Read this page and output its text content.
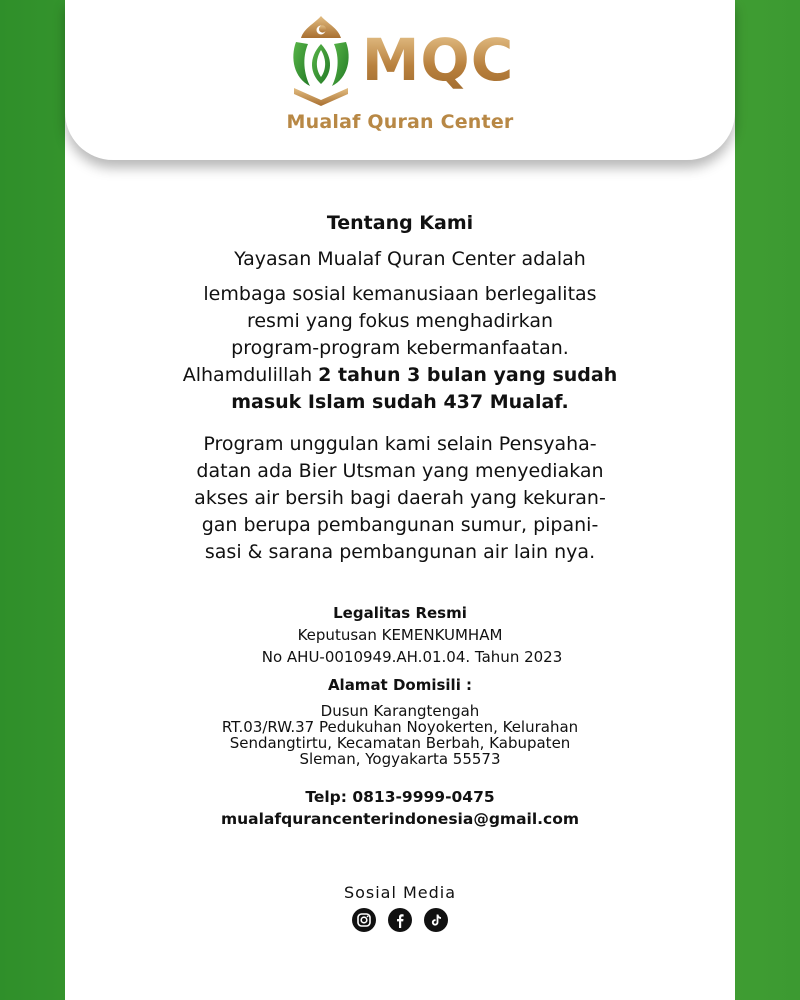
MQC
Mualaf Quran Center
Tentang Kami

Yayasan Mualaf Quran Center adalah

lembaga sosial kemanusiaan berlegalitas

resmi yang fokus menghadirkan

program-program kebermanfaatan.

Alhamdulillah 2 tahun 3 bulan yang sudah

masuk Islam sudah 437 Mualaf.

Program unggulan kami selain Pensyaha-

datan ada Bier Utsman yang menyediakan

akses air bersih bagi daerah yang kekuran-

gan berupa pembangunan sumur, pipani-

sasi & sarana pembangunan air lain nya.

Legalitas Resmi
Keputusan KEMENKUMHAM
No AHU-0010949.AH.01.04. Tahun 2023
Alamat Domisili :
Dusun Karangtengah
RT.03/RW.37 Pedukuhan Noyokerten, Kelurahan
Sendangtirtu, Kecamatan Berbah, Kabupaten
Sleman, Yogyakarta 55573
Telp: 0813-9999-0475
mualafqurancenterindonesia@gmail.com
Sosial Media
